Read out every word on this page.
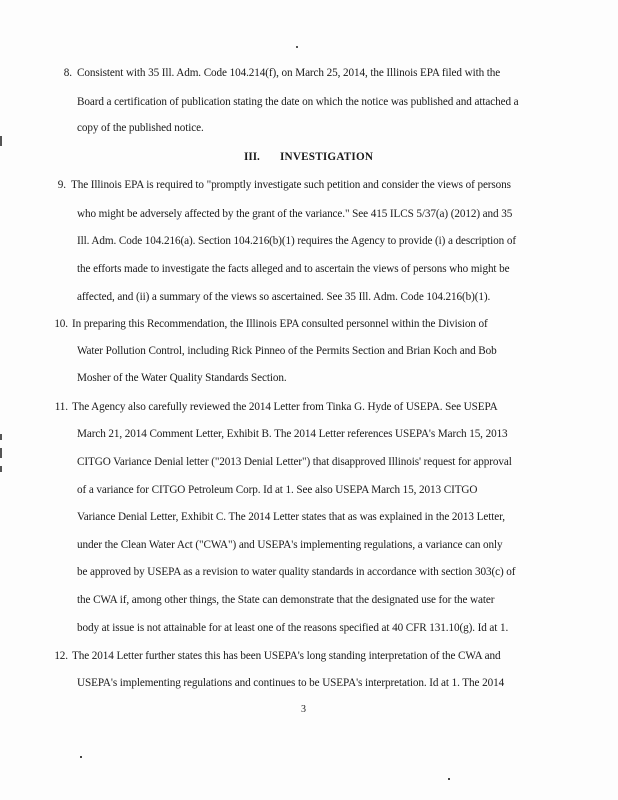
8. Consistent with 35 Ill. Adm. Code 104.214(f), on March 25, 2014, the Illinois EPA filed with the
Board a certification of publication stating the date on which the notice was published and attached a
copy of the published notice.
III. INVESTIGATION
9. The Illinois EPA is required to "promptly investigate such petition and consider the views of persons
who might be adversely affected by the grant of the variance." See 415 ILCS 5/37(a) (2012) and 35
Ill. Adm. Code 104.216(a). Section 104.216(b)(1) requires the Agency to provide (i) a description of
the efforts made to investigate the facts alleged and to ascertain the views of persons who might be
affected, and (ii) a summary of the views so ascertained. See 35 Ill. Adm. Code 104.216(b)(1).
10. In preparing this Recommendation, the Illinois EPA consulted personnel within the Division of
Water Pollution Control, including Rick Pinneo of the Permits Section and Brian Koch and Bob
Mosher of the Water Quality Standards Section.
11. The Agency also carefully reviewed the 2014 Letter from Tinka G. Hyde of USEPA. See USEPA
March 21, 2014 Comment Letter, Exhibit B. The 2014 Letter references USEPA's March 15, 2013
CITGO Variance Denial letter ("2013 Denial Letter") that disapproved Illinois' request for approval
of a variance for CITGO Petroleum Corp. Id at 1. See also USEPA March 15, 2013 CITGO
Variance Denial Letter, Exhibit C. The 2014 Letter states that as was explained in the 2013 Letter,
under the Clean Water Act ("CWA") and USEPA's implementing regulations, a variance can only
be approved by USEPA as a revision to water quality standards in accordance with section 303(c) of
the CWA if, among other things, the State can demonstrate that the designated use for the water
body at issue is not attainable for at least one of the reasons specified at 40 CFR 131.10(g). Id at 1.
12. The 2014 Letter further states this has been USEPA's long standing interpretation of the CWA and
USEPA's implementing regulations and continues to be USEPA's interpretation. Id at 1. The 2014
3
